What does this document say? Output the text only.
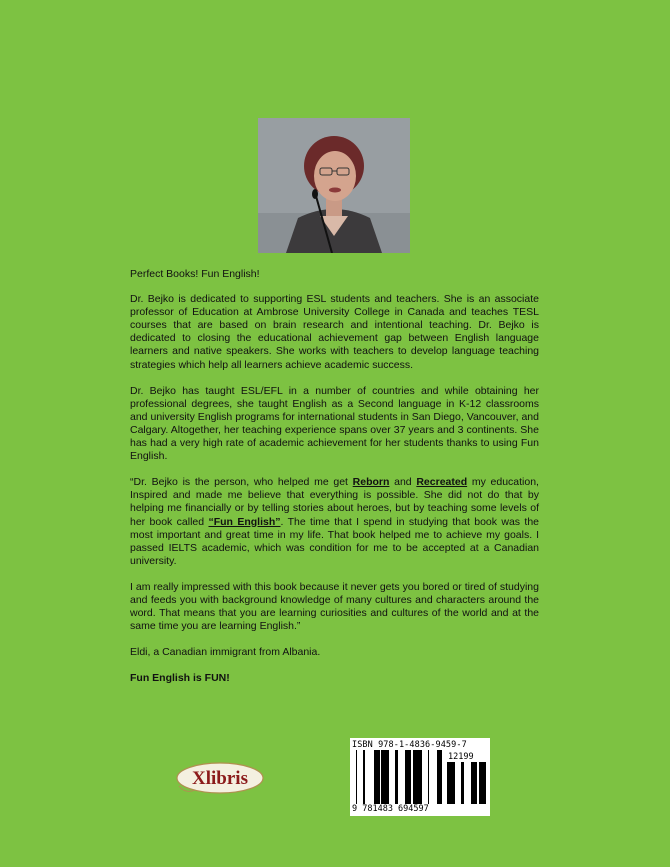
Perfect Books! Fun English!

Dr. Bejko is dedicated to supporting ESL students and teachers. She is an associate professor of Education at Ambrose University College in Canada and teaches TESL courses that are based on brain research and intentional teaching. Dr. Bejko is dedicated to closing the educational achievement gap between English language learners and native speakers. She works with teachers to develop language teaching strategies which help all learners achieve academic success.

Dr. Bejko has taught ESL/EFL in a number of countries and while obtaining her professional degrees, she taught English as a Second language in K-12 classrooms and university English programs for international students in San Diego, Vancouver, and Calgary. Altogether, her teaching experience spans over 37 years and 3 continents. She has had a very high rate of academic achievement for her students thanks to using Fun English.

“Dr. Bejko is the person, who helped me get Reborn and Recreated my education, Inspired and made me believe that everything is possible. She did not do that by helping me financially or by telling stories about heroes, but by teaching some levels of her book called “Fun English”. The time that I spend in studying that book was the most important and great time in my life. That book helped me to achieve my goals. I passed IELTS academic, which was condition for me to be accepted at a Canadian university.

I am really impressed with this book because it never gets you bored or tired of studying and feeds you with background knowledge of many cultures and characters around the word. That means that you are learning curiosities and cultures of the world and at the same time you are learning English.”

Eldi, a Canadian immigrant from Albania.

Fun English is FUN!

Xlibris
ISBN 978-1-4836-9459-7
12199
9 781483 694597
